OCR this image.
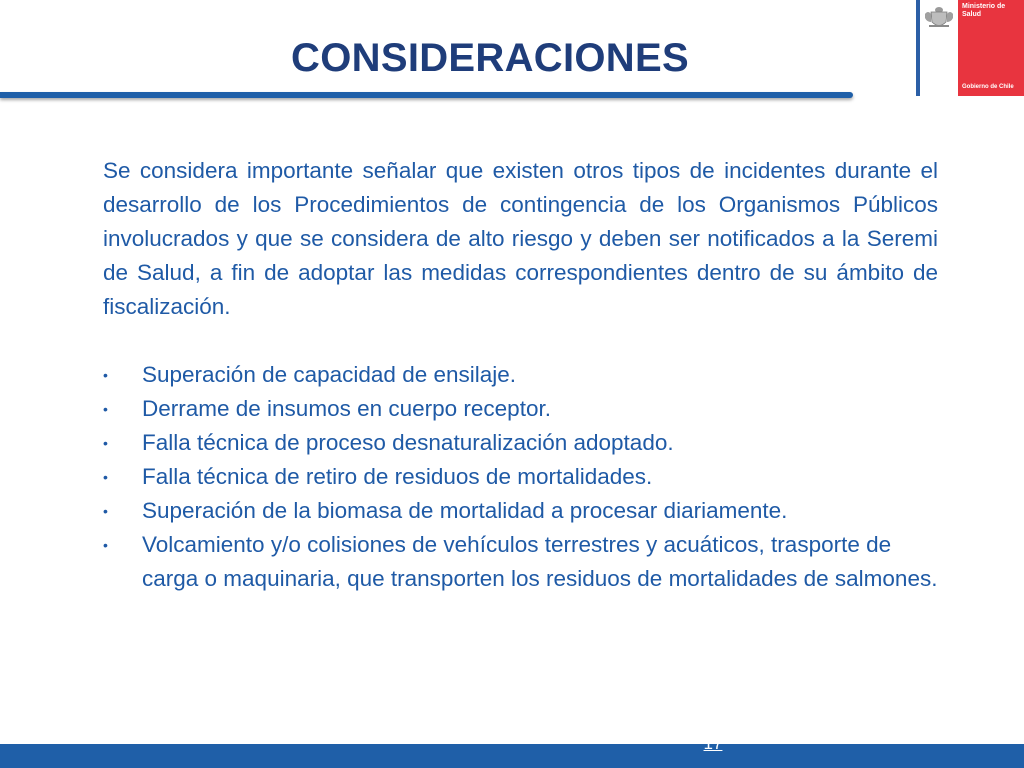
CONSIDERACIONES
Ministerio de
Salud
Gobierno de Chile

Se considera importante señalar que existen otros tipos de incidentes durante el desarrollo de los Procedimientos de contingencia de los Organismos Públicos involucrados y que se considera de alto riesgo y deben ser notificados a la Seremi de Salud, a fin de adoptar las medidas correspondientes dentro de su ámbito de fiscalización.

• Superación de capacidad de ensilaje.
• Derrame de insumos en cuerpo receptor.
• Falla técnica de proceso desnaturalización adoptado.
• Falla técnica de retiro de residuos de mortalidades.
• Superación de la biomasa de mortalidad a procesar diariamente.
• Volcamiento y/o colisiones de vehículos terrestres y acuáticos, trasporte de carga o maquinaria, que transporten los residuos de mortalidades de salmones.
17
